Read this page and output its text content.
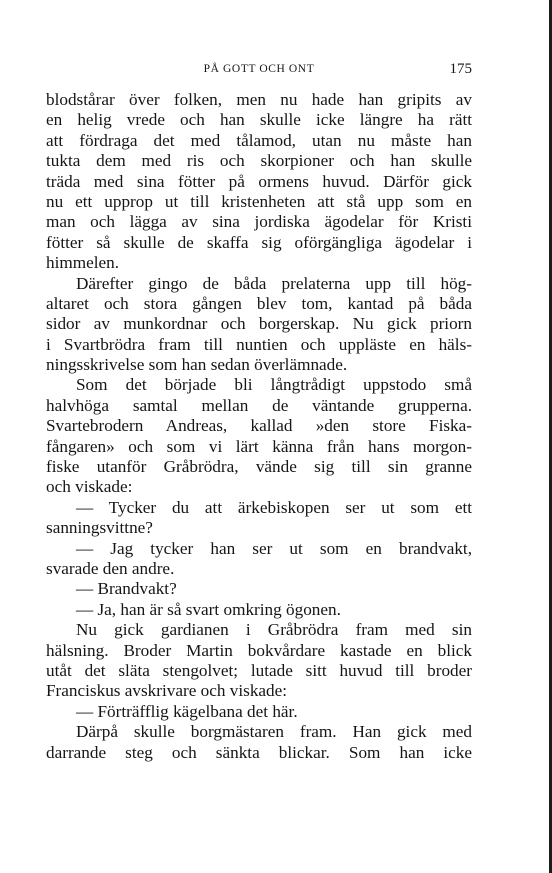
PÅ GOTT OCH ONT	175
blodstårar över folken, men nu hade han gripits av
en helig vrede och han skulle icke längre ha rätt
att fördraga det med tålamod, utan nu måste han
tukta dem med ris och skorpioner och han skulle
träda med sina fötter på ormens huvud. Därför gick
nu ett upprop ut till kristenheten att stå upp som en
man och lägga av sina jordiska ägodelar för Kristi
fötter så skulle de skaffa sig oförgängliga ägodelar i
himmelen.
Därefter gingo de båda prelaterna upp till hög-
altaret och stora gången blev tom, kantad på båda
sidor av munkordnar och borgerskap. Nu gick priorn
i Svartbrödra fram till nuntien och uppläste en häls-
ningsskrivelse som han sedan överlämnade.
Som det började bli långtrådigt uppstodo små
halvhöga samtal mellan de väntande grupperna.
Svartebrodern Andreas, kallad »den store Fiska-
fångaren» och som vi lärt känna från hans morgon-
fiske utanför Gråbrödra, vände sig till sin granne
och viskade:
— Tycker du att ärkebiskopen ser ut som ett
sanningsvittne?
— Jag tycker han ser ut som en brandvakt,
svarade den andre.
— Brandvakt?
— Ja, han är så svart omkring ögonen.
Nu gick gardianen i Gråbrödra fram med sin
hälsning. Broder Martin bokvårdare kastade en blick
utåt det släta stengolvet; lutade sitt huvud till broder
Franciskus avskrivare och viskade:
— Förträfflig kägelbana det här.
Därpå skulle borgmästaren fram. Han gick med
darrande steg och sänkta blickar. Som han icke
